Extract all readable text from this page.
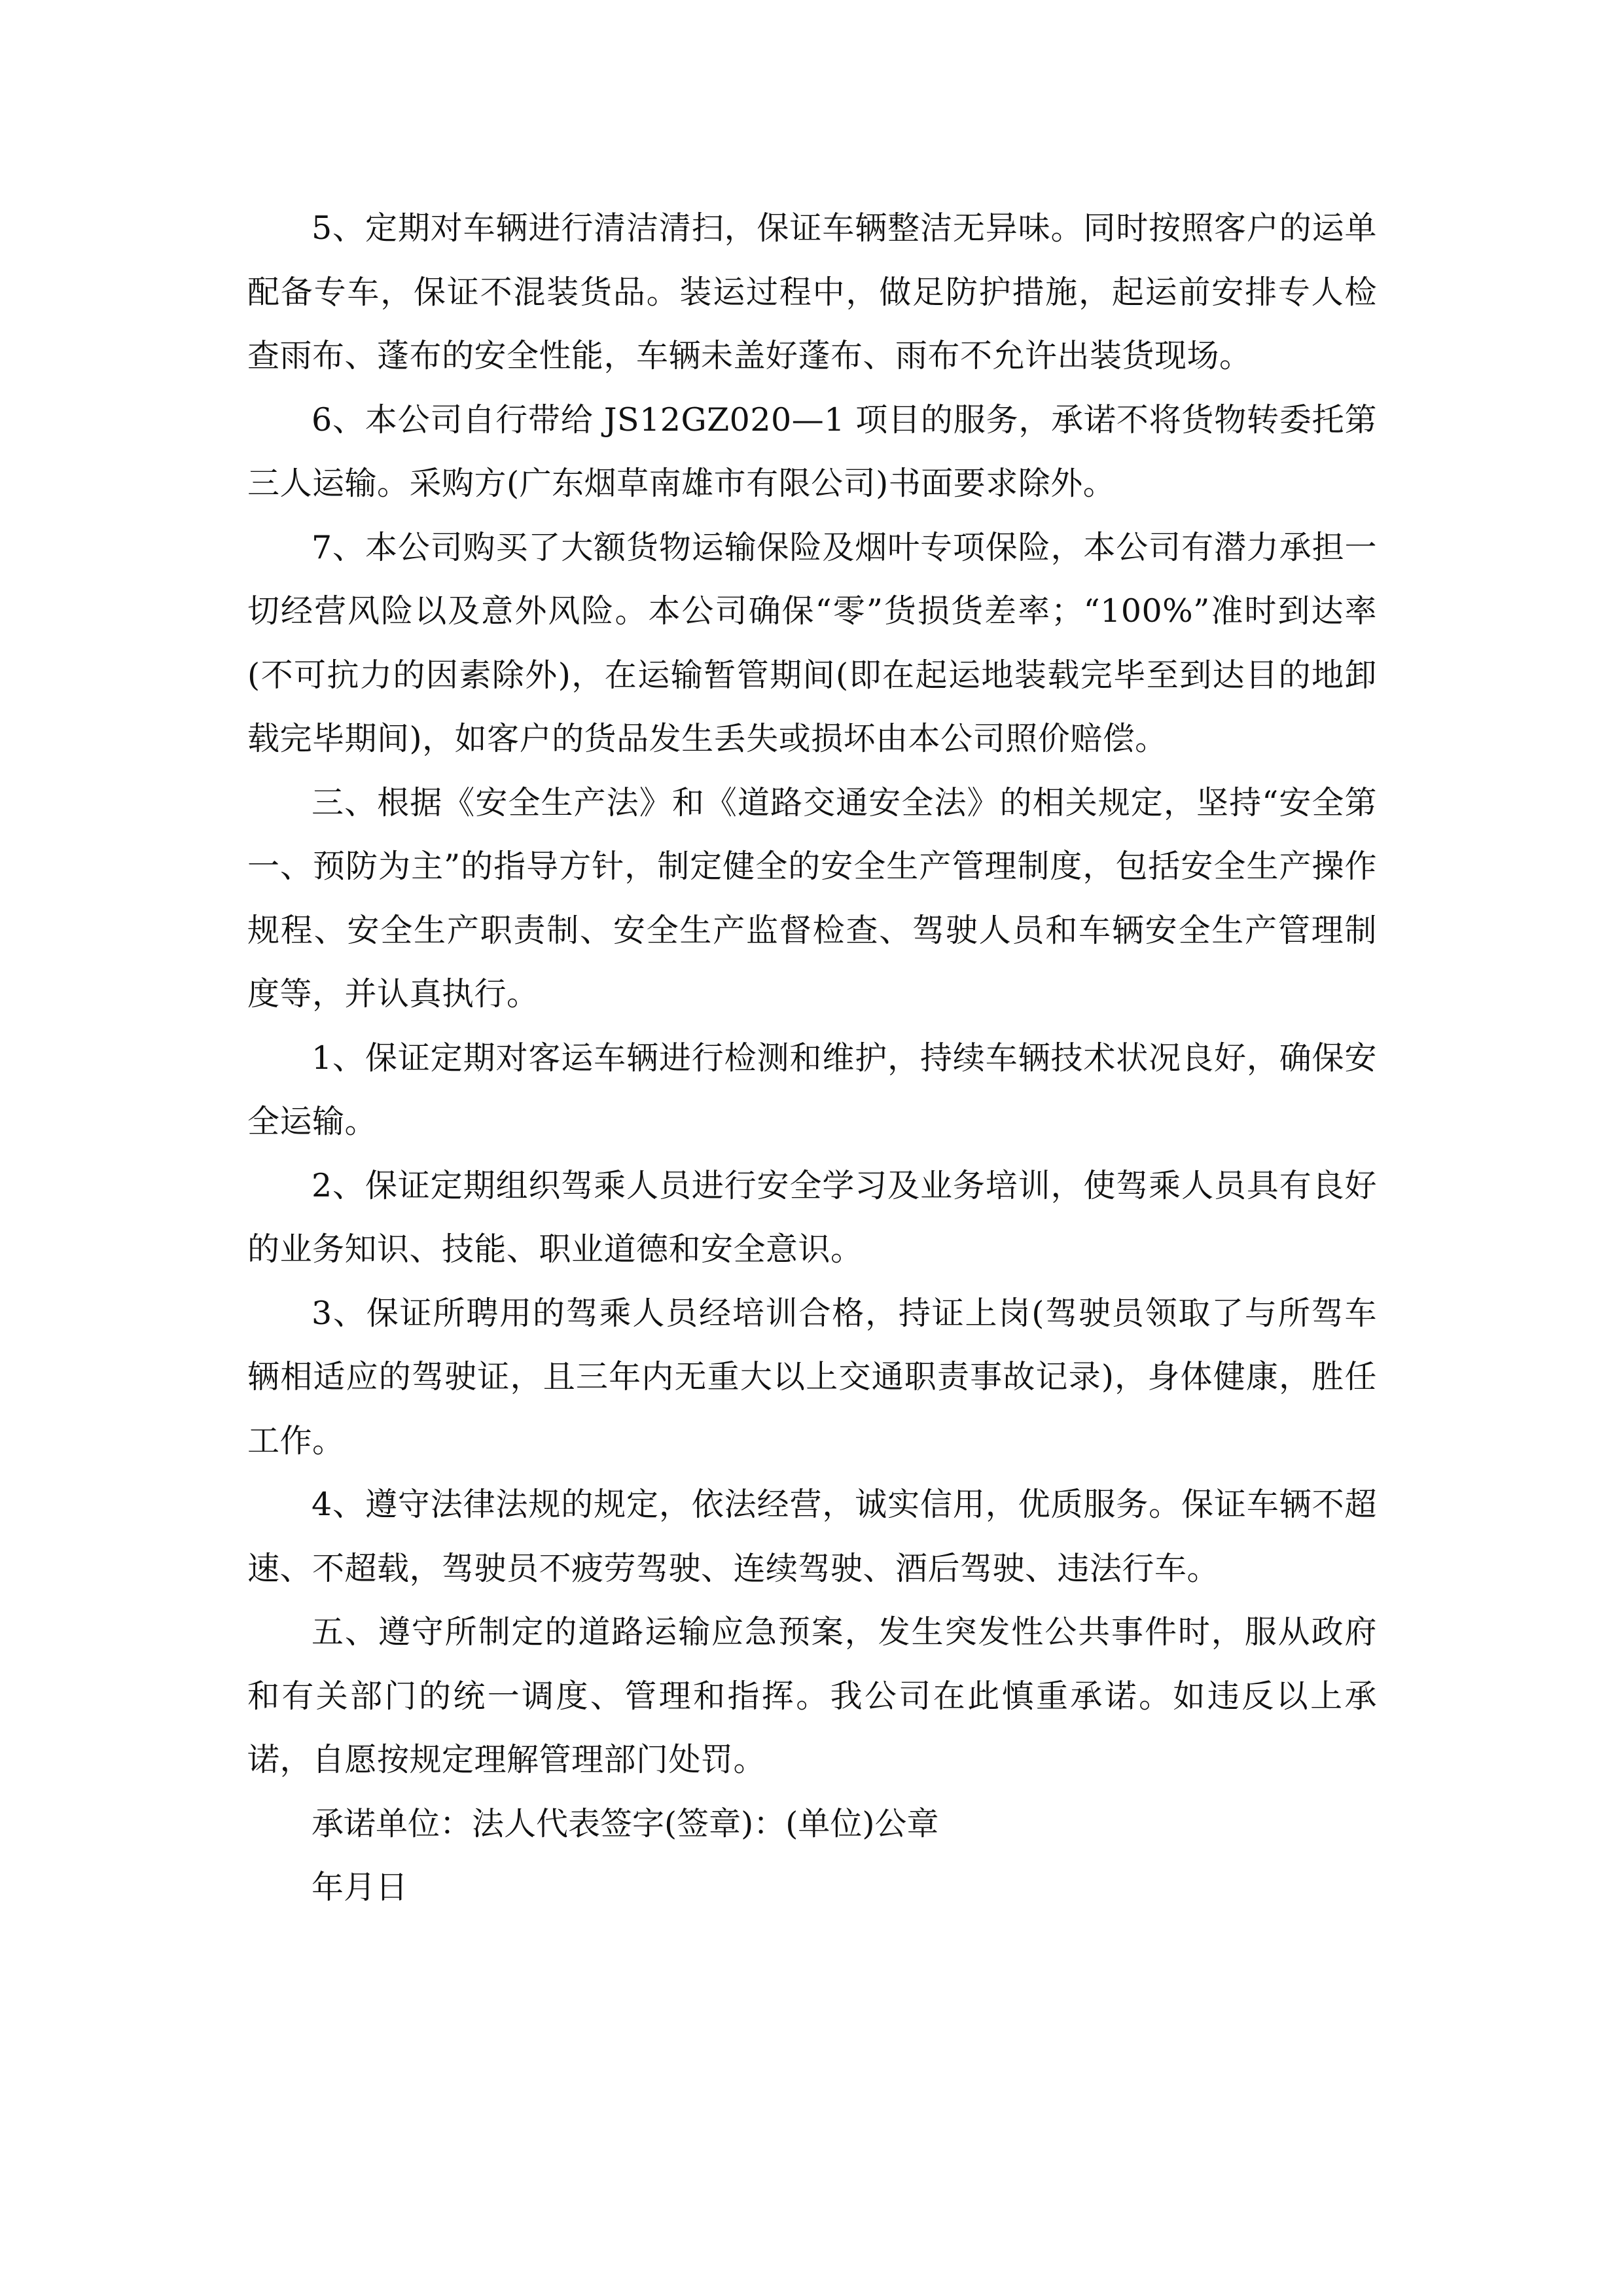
5、定期对车辆进行清洁清扫，保证车辆整洁无异味。同时按照客户的运单配备专车，保证不混装货品。装运过程中，做足防护措施，起运前安排专人检查雨布、蓬布的安全性能，车辆未盖好蓬布、雨布不允许出装货现场。

6、本公司自行带给 JS12GZ020—1 项目的服务，承诺不将货物转委托第三人运输。采购方(广东烟草南雄市有限公司)书面要求除外。

7、本公司购买了大额货物运输保险及烟叶专项保险，本公司有潜力承担一切经营风险以及意外风险。本公司确保“零”货损货差率；“100%”准时到达率(不可抗力的因素除外)，在运输暂管期间(即在起运地装载完毕至到达目的地卸载完毕期间)，如客户的货品发生丢失或损坏由本公司照价赔偿。

三、根据《安全生产法》和《道路交通安全法》的相关规定，坚持“安全第一、预防为主”的指导方针，制定健全的安全生产管理制度，包括安全生产操作规程、安全生产职责制、安全生产监督检查、驾驶人员和车辆安全生产管理制度等，并认真执行。

1、保证定期对客运车辆进行检测和维护，持续车辆技术状况良好，确保安全运输。

2、保证定期组织驾乘人员进行安全学习及业务培训，使驾乘人员具有良好的业务知识、技能、职业道德和安全意识。

3、保证所聘用的驾乘人员经培训合格，持证上岗(驾驶员领取了与所驾车辆相适应的驾驶证，且三年内无重大以上交通职责事故记录)，身体健康，胜任工作。

4、遵守法律法规的规定，依法经营，诚实信用，优质服务。保证车辆不超速、不超载，驾驶员不疲劳驾驶、连续驾驶、酒后驾驶、违法行车。

五、遵守所制定的道路运输应急预案，发生突发性公共事件时，服从政府和有关部门的统一调度、管理和指挥。我公司在此慎重承诺。如违反以上承诺，自愿按规定理解管理部门处罚。

承诺单位：法人代表签字(签章)：(单位)公章

年月日
